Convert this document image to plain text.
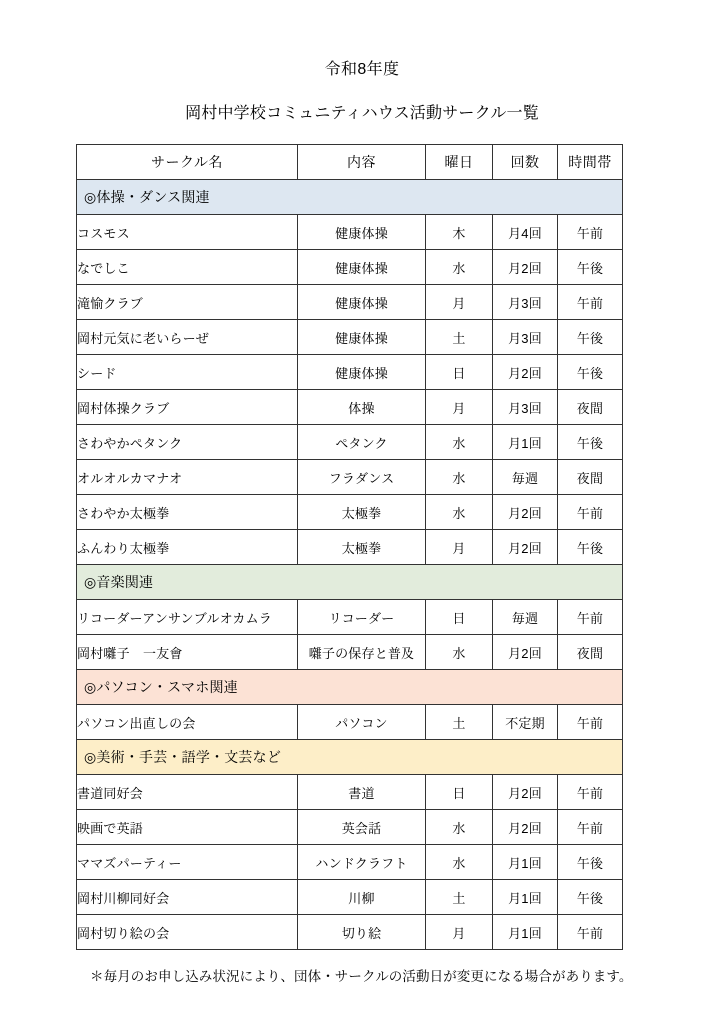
令和8年度
岡村中学校コミュニティハウス活動サークル一覧
サークル名	内容	曜日	回数	時間帯
◎体操・ダンス関連				
コスモス	健康体操	木	月4回	午前
なでしこ	健康体操	水	月2回	午後
滝愉クラブ	健康体操	月	月3回	午前
岡村元気に老いらーぜ	健康体操	土	月3回	午後
シード	健康体操	日	月2回	午後
岡村体操クラブ	体操	月	月3回	夜間
さわやかペタンク	ペタンク	水	月1回	午後
オルオルカマナオ	フラダンス	水	毎週	夜間
さわやか太極拳	太極拳	水	月2回	午前
ふんわり太極拳	太極拳	月	月2回	午後
◎音楽関連				
リコーダーアンサンブルオカムラ	リコーダー	日	毎週	午前
岡村囃子　一友會	囃子の保存と普及	水	月2回	夜間
◎パソコン・スマホ関連				
パソコン出直しの会	パソコン	土	不定期	午前
◎美術・手芸・語学・文芸など				
書道同好会	書道	日	月2回	午前
映画で英語	英会話	水	月2回	午前
ママズパーティー	ハンドクラフト	水	月1回	午後
岡村川柳同好会	川柳	土	月1回	午後
岡村切り絵の会	切り絵	月	月1回	午前
＊毎月のお申し込み状況により、団体・サークルの活動日が変更になる場合があります。
